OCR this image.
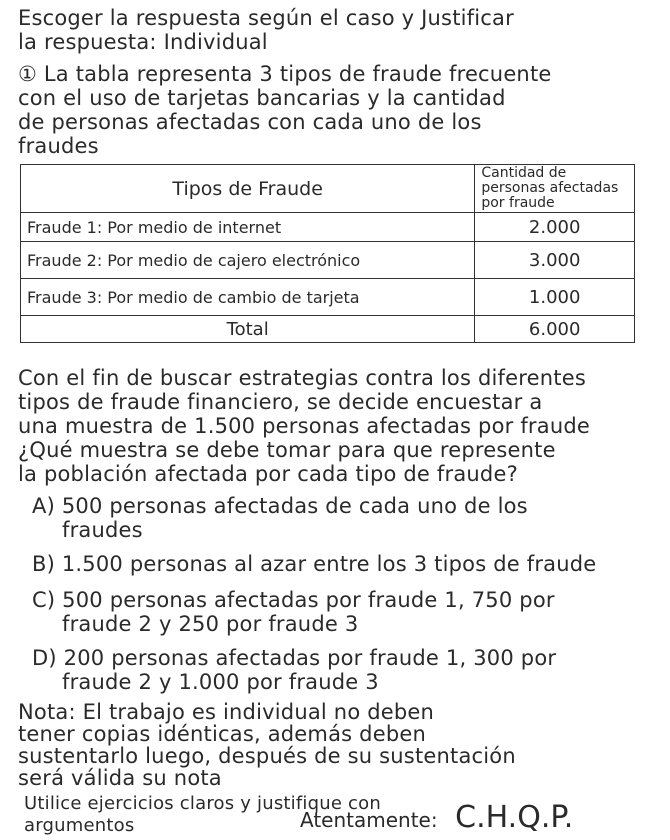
Escoger la respuesta según el caso y Justificar
la respuesta: Individual
① La tabla representa 3 tipos de fraude frecuente
con el uso de tarjetas bancarias y la cantidad
de personas afectadas con cada uno de los
fraudes
Tipos de Fraude	Cantidad de personas afectadas por fraude
Fraude 1: Por medio de internet	2.000
Fraude 2: Por medio de cajero electrónico	3.000
Fraude 3: Por medio de cambio de tarjeta	1.000
Total	6.000
Con el fin de buscar estrategias contra los diferentes
tipos de fraude financiero, se decide encuestar a
una muestra de 1.500 personas afectadas por fraude
¿Qué muestra se debe tomar para que represente
la población afectada por cada tipo de fraude?
A) 500 personas afectadas de cada uno de los
fraudes
B) 1.500 personas al azar entre los 3 tipos de fraude
C) 500 personas afectadas por fraude 1, 750 por
fraude 2 y 250 por fraude 3
D) 200 personas afectadas por fraude 1, 300 por
fraude 2 y 1.000 por fraude 3
Nota: El trabajo es individual no deben
tener copias idénticas, además deben
sustentarlo luego, después de su sustentación
será válida su nota
Utilice ejercicios claros y justifique con
argumentos	Atentamente: C.H.Q.P.
